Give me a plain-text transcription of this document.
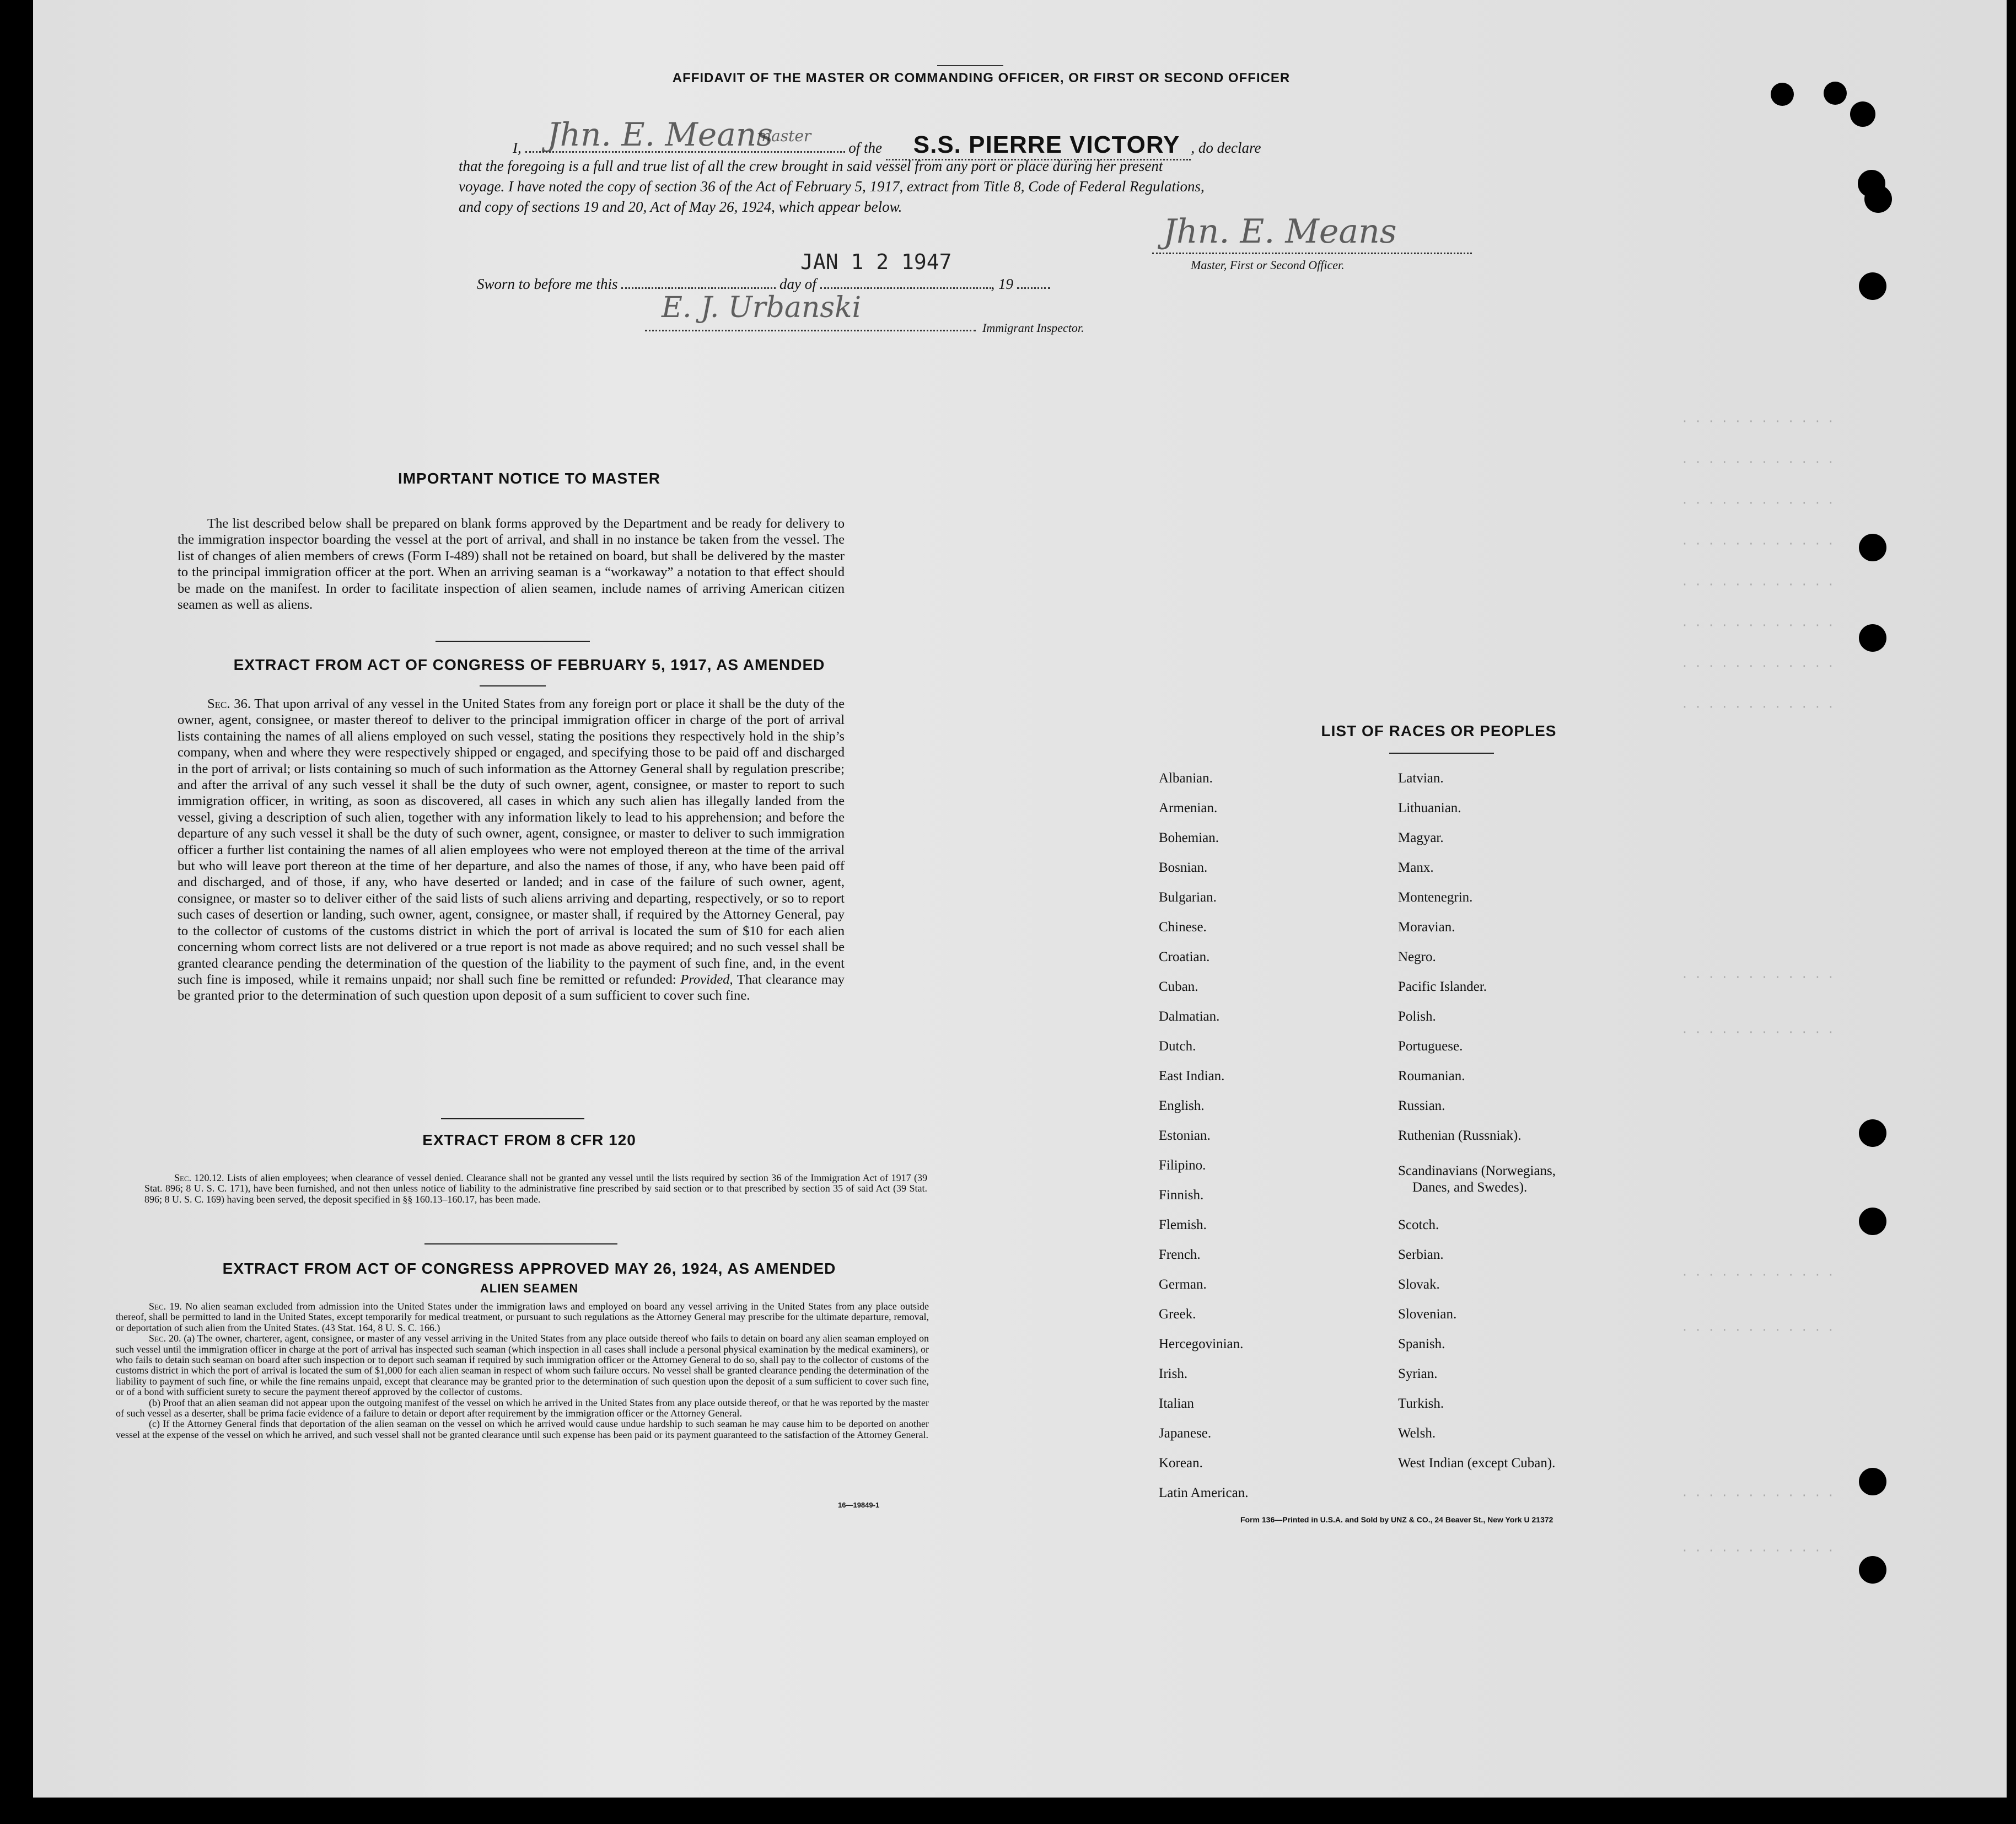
· · · · · · · · · · · ·
· · · · · · · · · · · ·
· · · · · · · · · · · ·
· · · · · · · · · · · ·
· · · · · · · · · · · ·
· · · · · · · · · · · ·
· · · · · · · · · · · ·
· · · · · · · · · · · ·
· · · · · · · · · · · ·
· · · · · · · · · · · ·
· · · · · · · · · · · ·
· · · · · · · · · · · ·
· · · · · · · · · · · ·
· · · · · · · · · · · ·
AFFIDAVIT OF THE MASTER OR COMMANDING OFFICER, OR FIRST OR SECOND OFFICER
I, Jhn. E. Means
master
of the S.S. PIERRE VICTORY , do declare
that the foregoing is a full and true list of all the crew brought in said vessel from any port or place during her present
voyage. I have noted the copy of section 36 of the Act of February 5, 1917, extract from Title 8, Code of Federal Regulations,
and copy of sections 19 and 20, Act of May 26, 1924, which appear below.
Jhn. E. Means
Master, First or Second Officer.
Sworn to before me this	day of	, 19
JAN 1 2 1947
E. J. Urbanski
Immigrant Inspector.
IMPORTANT NOTICE TO MASTER
The list described below shall be prepared on blank forms approved by the Department and be ready for delivery to the immigration inspector boarding the vessel at the port of arrival, and shall in no instance be taken from the vessel. The list of changes of alien members of crews (Form I-489) shall not be retained on board, but shall be delivered by the master to the principal immigration officer at the port. When an arriving seaman is a “workaway” a notation to that effect should be made on the manifest. In order to facilitate inspection of alien seamen, include names of arriving American citizen seamen as well as aliens.
EXTRACT FROM ACT OF CONGRESS OF FEBRUARY 5, 1917, AS AMENDED
Sec. 36. That upon arrival of any vessel in the United States from any foreign port or place it shall be the duty of the owner, agent, consignee, or master thereof to deliver to the principal immigration officer in charge of the port of arrival lists containing the names of all aliens employed on such vessel, stating the positions they respectively hold in the ship’s company, when and where they were respectively shipped or engaged, and specifying those to be paid off and discharged in the port of arrival; or lists containing so much of such information as the Attorney General shall by regulation prescribe; and after the arrival of any such vessel it shall be the duty of such owner, agent, consignee, or master to report to such immigration officer, in writing, as soon as discovered, all cases in which any such alien has illegally landed from the vessel, giving a description of such alien, together with any information likely to lead to his apprehension; and before the departure of any such vessel it shall be the duty of such owner, agent, consignee, or master to deliver to such immigration officer a further list containing the names of all alien employees who were not employed thereon at the time of the arrival but who will leave port thereon at the time of her departure, and also the names of those, if any, who have been paid off and discharged, and of those, if any, who have deserted or landed; and in case of the failure of such owner, agent, consignee, or master so to deliver either of the said lists of such aliens arriving and departing, respectively, or so to report such cases of desertion or landing, such owner, agent, consignee, or master shall, if required by the Attorney General, pay to the collector of customs of the customs district in which the port of arrival is located the sum of $10 for each alien concerning whom correct lists are not delivered or a true report is not made as above required; and no such vessel shall be granted clearance pending the determination of the question of the liability to the payment of such fine, and, in the event such fine is imposed, while it remains unpaid; nor shall such fine be remitted or refunded: Provided, That clearance may be granted prior to the determination of such question upon deposit of a sum sufficient to cover such fine.
EXTRACT FROM 8 CFR 120
Sec. 120.12. Lists of alien employees; when clearance of vessel denied. Clearance shall not be granted any vessel until the lists required by section 36 of the Immigration Act of 1917 (39 Stat. 896; 8 U. S. C. 171), have been furnished, and not then unless notice of liability to the administrative fine prescribed by said section or to that prescribed by section 35 of said Act (39 Stat. 896; 8 U. S. C. 169) having been served, the deposit specified in §§ 160.13–160.17, has been made.
EXTRACT FROM ACT OF CONGRESS APPROVED MAY 26, 1924, AS AMENDED
ALIEN SEAMEN
Sec. 19. No alien seaman excluded from admission into the United States under the immigration laws and employed on board any vessel arriving in the United States from any place outside thereof, shall be permitted to land in the United States, except temporarily for medical treatment, or pursuant to such regulations as the Attorney General may prescribe for the ultimate departure, removal, or deportation of such alien from the United States. (43 Stat. 164, 8 U. S. C. 166.)
Sec. 20. (a) The owner, charterer, agent, consignee, or master of any vessel arriving in the United States from any place outside thereof who fails to detain on board any alien seaman employed on such vessel until the immigration officer in charge at the port of arrival has inspected such seaman (which inspection in all cases shall include a personal physical examination by the medical examiners), or who fails to detain such seaman on board after such inspection or to deport such seaman if required by such immigration officer or the Attorney General to do so, shall pay to the collector of customs of the customs district in which the port of arrival is located the sum of $1,000 for each alien seaman in respect of whom such failure occurs. No vessel shall be granted clearance pending the determination of the liability to payment of such fine, or while the fine remains unpaid, except that clearance may be granted prior to the determination of such question upon the deposit of a sum sufficient to cover such fine, or of a bond with sufficient surety to secure the payment thereof approved by the collector of customs.
(b) Proof that an alien seaman did not appear upon the outgoing manifest of the vessel on which he arrived in the United States from any place outside thereof, or that he was reported by the master of such vessel as a deserter, shall be prima facie evidence of a failure to detain or deport after requirement by the immigration officer or the Attorney General.
(c) If the Attorney General finds that deportation of the alien seaman on the vessel on which he arrived would cause undue hardship to such seaman he may cause him to be deported on another vessel at the expense of the vessel on which he arrived, and such vessel shall not be granted clearance until such expense has been paid or its payment guaranteed to the satisfaction of the Attorney General.
16—19849-1
LIST OF RACES OR PEOPLES
Albanian.
Armenian.
Bohemian.
Bosnian.
Bulgarian.
Chinese.
Croatian.
Cuban.
Dalmatian.
Dutch.
East Indian.
English.
Estonian.
Filipino.
Finnish.
Flemish.
French.
German.
Greek.
Hercegovinian.
Irish.
Italian
Japanese.
Korean.
Latin American.
Latvian.
Lithuanian.
Magyar.
Manx.
Montenegrin.
Moravian.
Negro.
Pacific Islander.
Polish.
Portuguese.
Roumanian.
Russian.
Ruthenian (Russniak).
Scandinavians (Norwegians,
Danes, and Swedes).
Scotch.
Serbian.
Slovak.
Slovenian.
Spanish.
Syrian.
Turkish.
Welsh.
West Indian (except Cuban).
Form 136—Printed in U.S.A. and Sold by UNZ & CO., 24 Beaver St., New York U 21372
